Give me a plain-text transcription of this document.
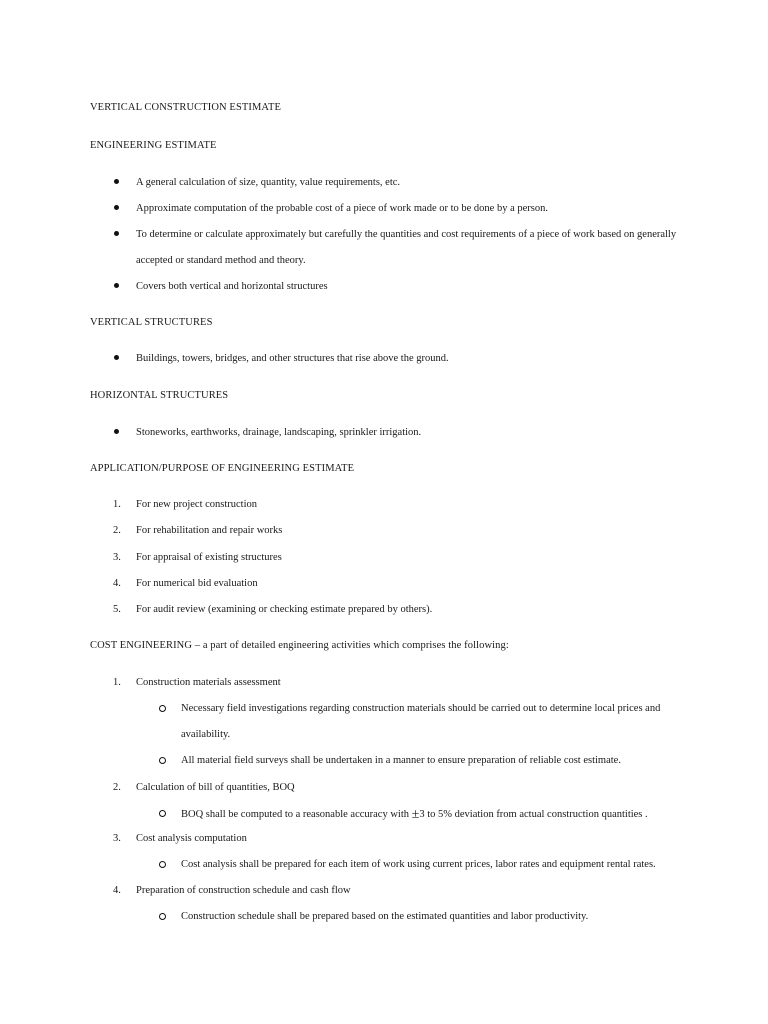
VERTICAL CONSTRUCTION ESTIMATE
ENGINEERING ESTIMATE
A general calculation of size, quantity, value requirements, etc.
Approximate computation of the probable cost of a piece of work made or to be done by a person.
To determine or calculate approximately but carefully the quantities and cost requirements of a piece of work based on generally
accepted or standard method and theory.
Covers both vertical and horizontal structures
VERTICAL STRUCTURES
Buildings, towers, bridges, and other structures that rise above the ground.
HORIZONTAL STRUCTURES
Stoneworks, earthworks, drainage, landscaping, sprinkler irrigation.
APPLICATION/PURPOSE OF ENGINEERING ESTIMATE
1. For new project construction
2. For rehabilitation and repair works
3. For appraisal of existing structures
4. For numerical bid evaluation
5. For audit review (examining or checking estimate prepared by others).
COST ENGINEERING – a part of detailed engineering activities which comprises the following:
1. Construction materials assessment
Necessary field investigations regarding construction materials should be carried out to determine local prices and
availability.
All material field surveys shall be undertaken in a manner to ensure preparation of reliable cost estimate.
2. Calculation of bill of quantities, BOQ
BOQ shall be computed to a reasonable accuracy with ±3 to 5% deviation from actual construction quantities .
3. Cost analysis computation
Cost analysis shall be prepared for each item of work using current prices, labor rates and equipment rental rates.
4. Preparation of construction schedule and cash flow
Construction schedule shall be prepared based on the estimated quantities and labor productivity.
